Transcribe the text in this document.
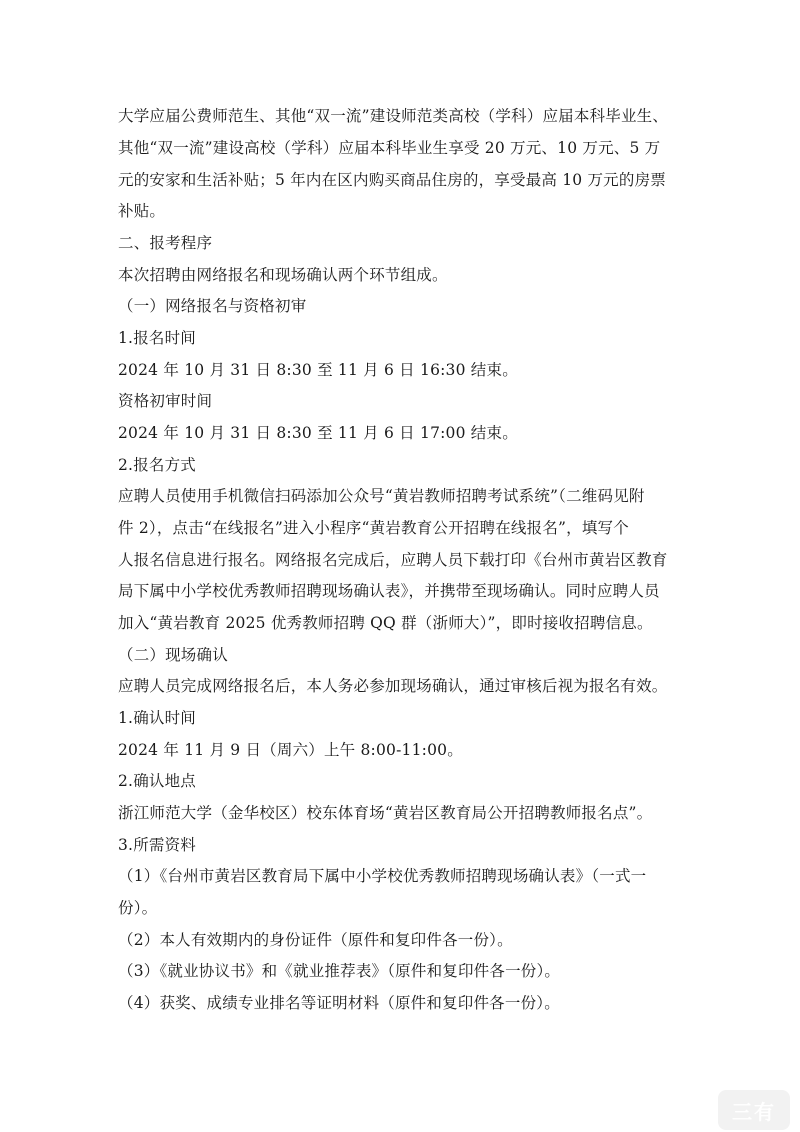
大学应届公费师范生、其他“双一流”建设师范类高校（学科）应届本科毕业生、
其他“双一流”建设高校（学科）应届本科毕业生享受 20 万元、10 万元、5 万
元的安家和生活补贴；5 年内在区内购买商品住房的，享受最高 10 万元的房票
补贴。
二、报考程序
本次招聘由网络报名和现场确认两个环节组成。
（一）网络报名与资格初审
1.报名时间
2024 年 10 月 31 日 8:30 至 11 月 6 日 16:30 结束。
资格初审时间
2024 年 10 月 31 日 8:30 至 11 月 6 日 17:00 结束。
2.报名方式
应聘人员使用手机微信扫码添加公众号“黄岩教师招聘考试系统”（二维码见附
件 2），点击“在线报名”进入小程序“黄岩教育公开招聘在线报名”，填写个
人报名信息进行报名。网络报名完成后，应聘人员下载打印《台州市黄岩区教育
局下属中小学校优秀教师招聘现场确认表》，并携带至现场确认。同时应聘人员
加入“黄岩教育 2025 优秀教师招聘 QQ 群（浙师大）”，即时接收招聘信息。
（二）现场确认
应聘人员完成网络报名后，本人务必参加现场确认，通过审核后视为报名有效。
1.确认时间
2024 年 11 月 9 日（周六）上午 8:00-11:00。
2.确认地点
浙江师范大学（金华校区）校东体育场“黄岩区教育局公开招聘教师报名点”。
3.所需资料
（1）《台州市黄岩区教育局下属中小学校优秀教师招聘现场确认表》（一式一
份）。
（2）本人有效期内的身份证件（原件和复印件各一份）。
（3）《就业协议书》和《就业推荐表》（原件和复印件各一份）。
（4）获奖、成绩专业排名等证明材料（原件和复印件各一份）。
三有
